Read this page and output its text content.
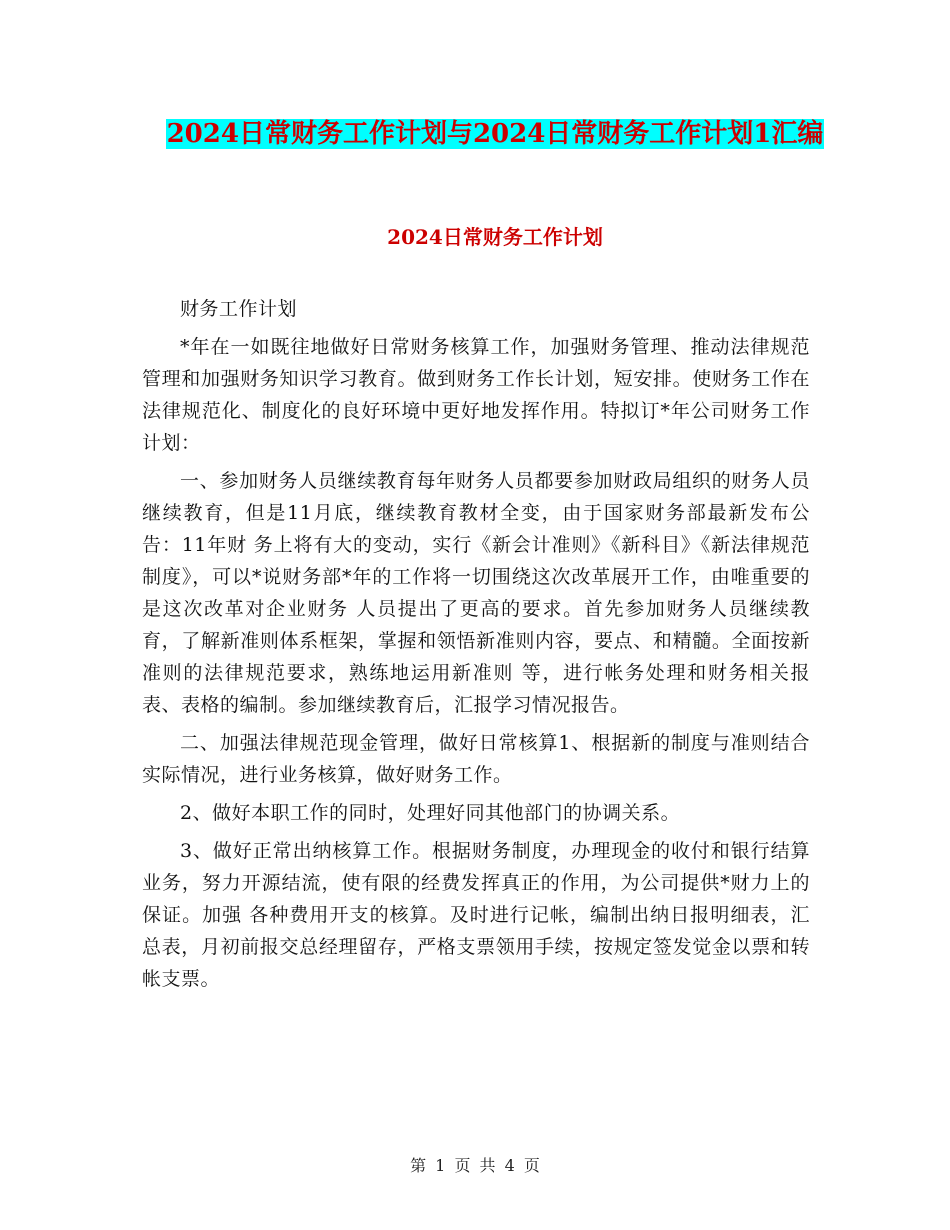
2024日常财务工作计划与2024日常财务工作计划1汇编
2024日常财务工作计划

财务工作计划

*年在一如既往地做好日常财务核算工作，加强财务管理、推动法律规范管理和加强财务知识学习教育。做到财务工作长计划，短安排。使财务工作在法律规范化、制度化的良好环境中更好地发挥作用。特拟订*年公司财务工作计划：

一、参加财务人员继续教育每年财务人员都要参加财政局组织的财务人员继续教育，但是11月底，继续教育教材全变，由于国家财务部最新发布公告：11年财 务上将有大的变动，实行《新会计准则》《新科目》《新法律规范制度》，可以*说财务部*年的工作将一切围绕这次改革展开工作，由唯重要的是这次改革对企业财务 人员提出了更高的要求。首先参加财务人员继续教育，了解新准则体系框架，掌握和领悟新准则内容，要点、和精髓。全面按新准则的法律规范要求，熟练地运用新准则 等，进行帐务处理和财务相关报表、表格的编制。参加继续教育后，汇报学习情况报告。

二、加强法律规范现金管理，做好日常核算1、根据新的制度与准则结合实际情况，进行业务核算，做好财务工作。

2、做好本职工作的同时，处理好同其他部门的协调关系。

3、做好正常出纳核算工作。根据财务制度，办理现金的收付和银行结算业务，努力开源结流，使有限的经费发挥真正的作用，为公司提供*财力上的保证。加强 各种费用开支的核算。及时进行记帐，编制出纳日报明细表，汇总表，月初前报交总经理留存，严格支票领用手续，按规定签发觉金以票和转帐支票。

第 1 页 共 4 页
